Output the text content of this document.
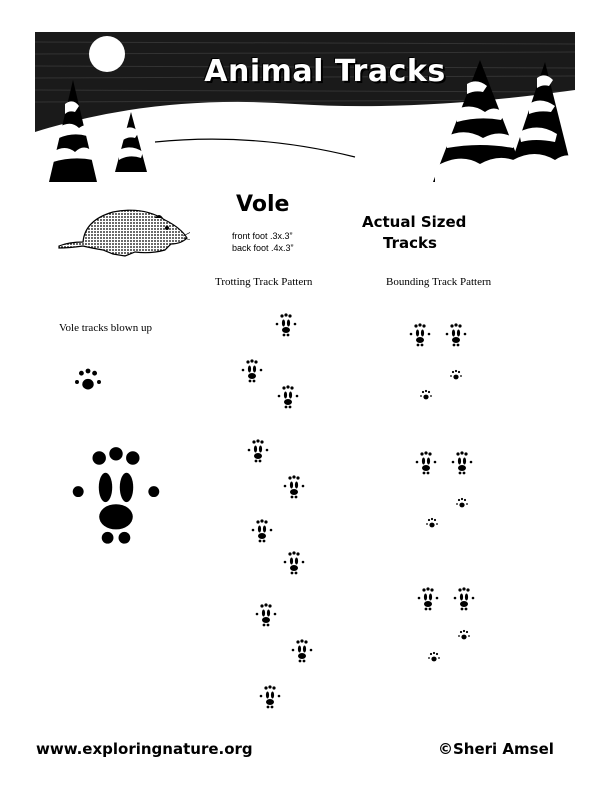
Animal Tracks
Vole
front foot .3x.3”
back foot .4x.3”
Actual Sized
Tracks
Trotting Track Pattern	Bounding Track Pattern
Vole tracks blown up
www.exploringnature.org	©Sheri Amsel
